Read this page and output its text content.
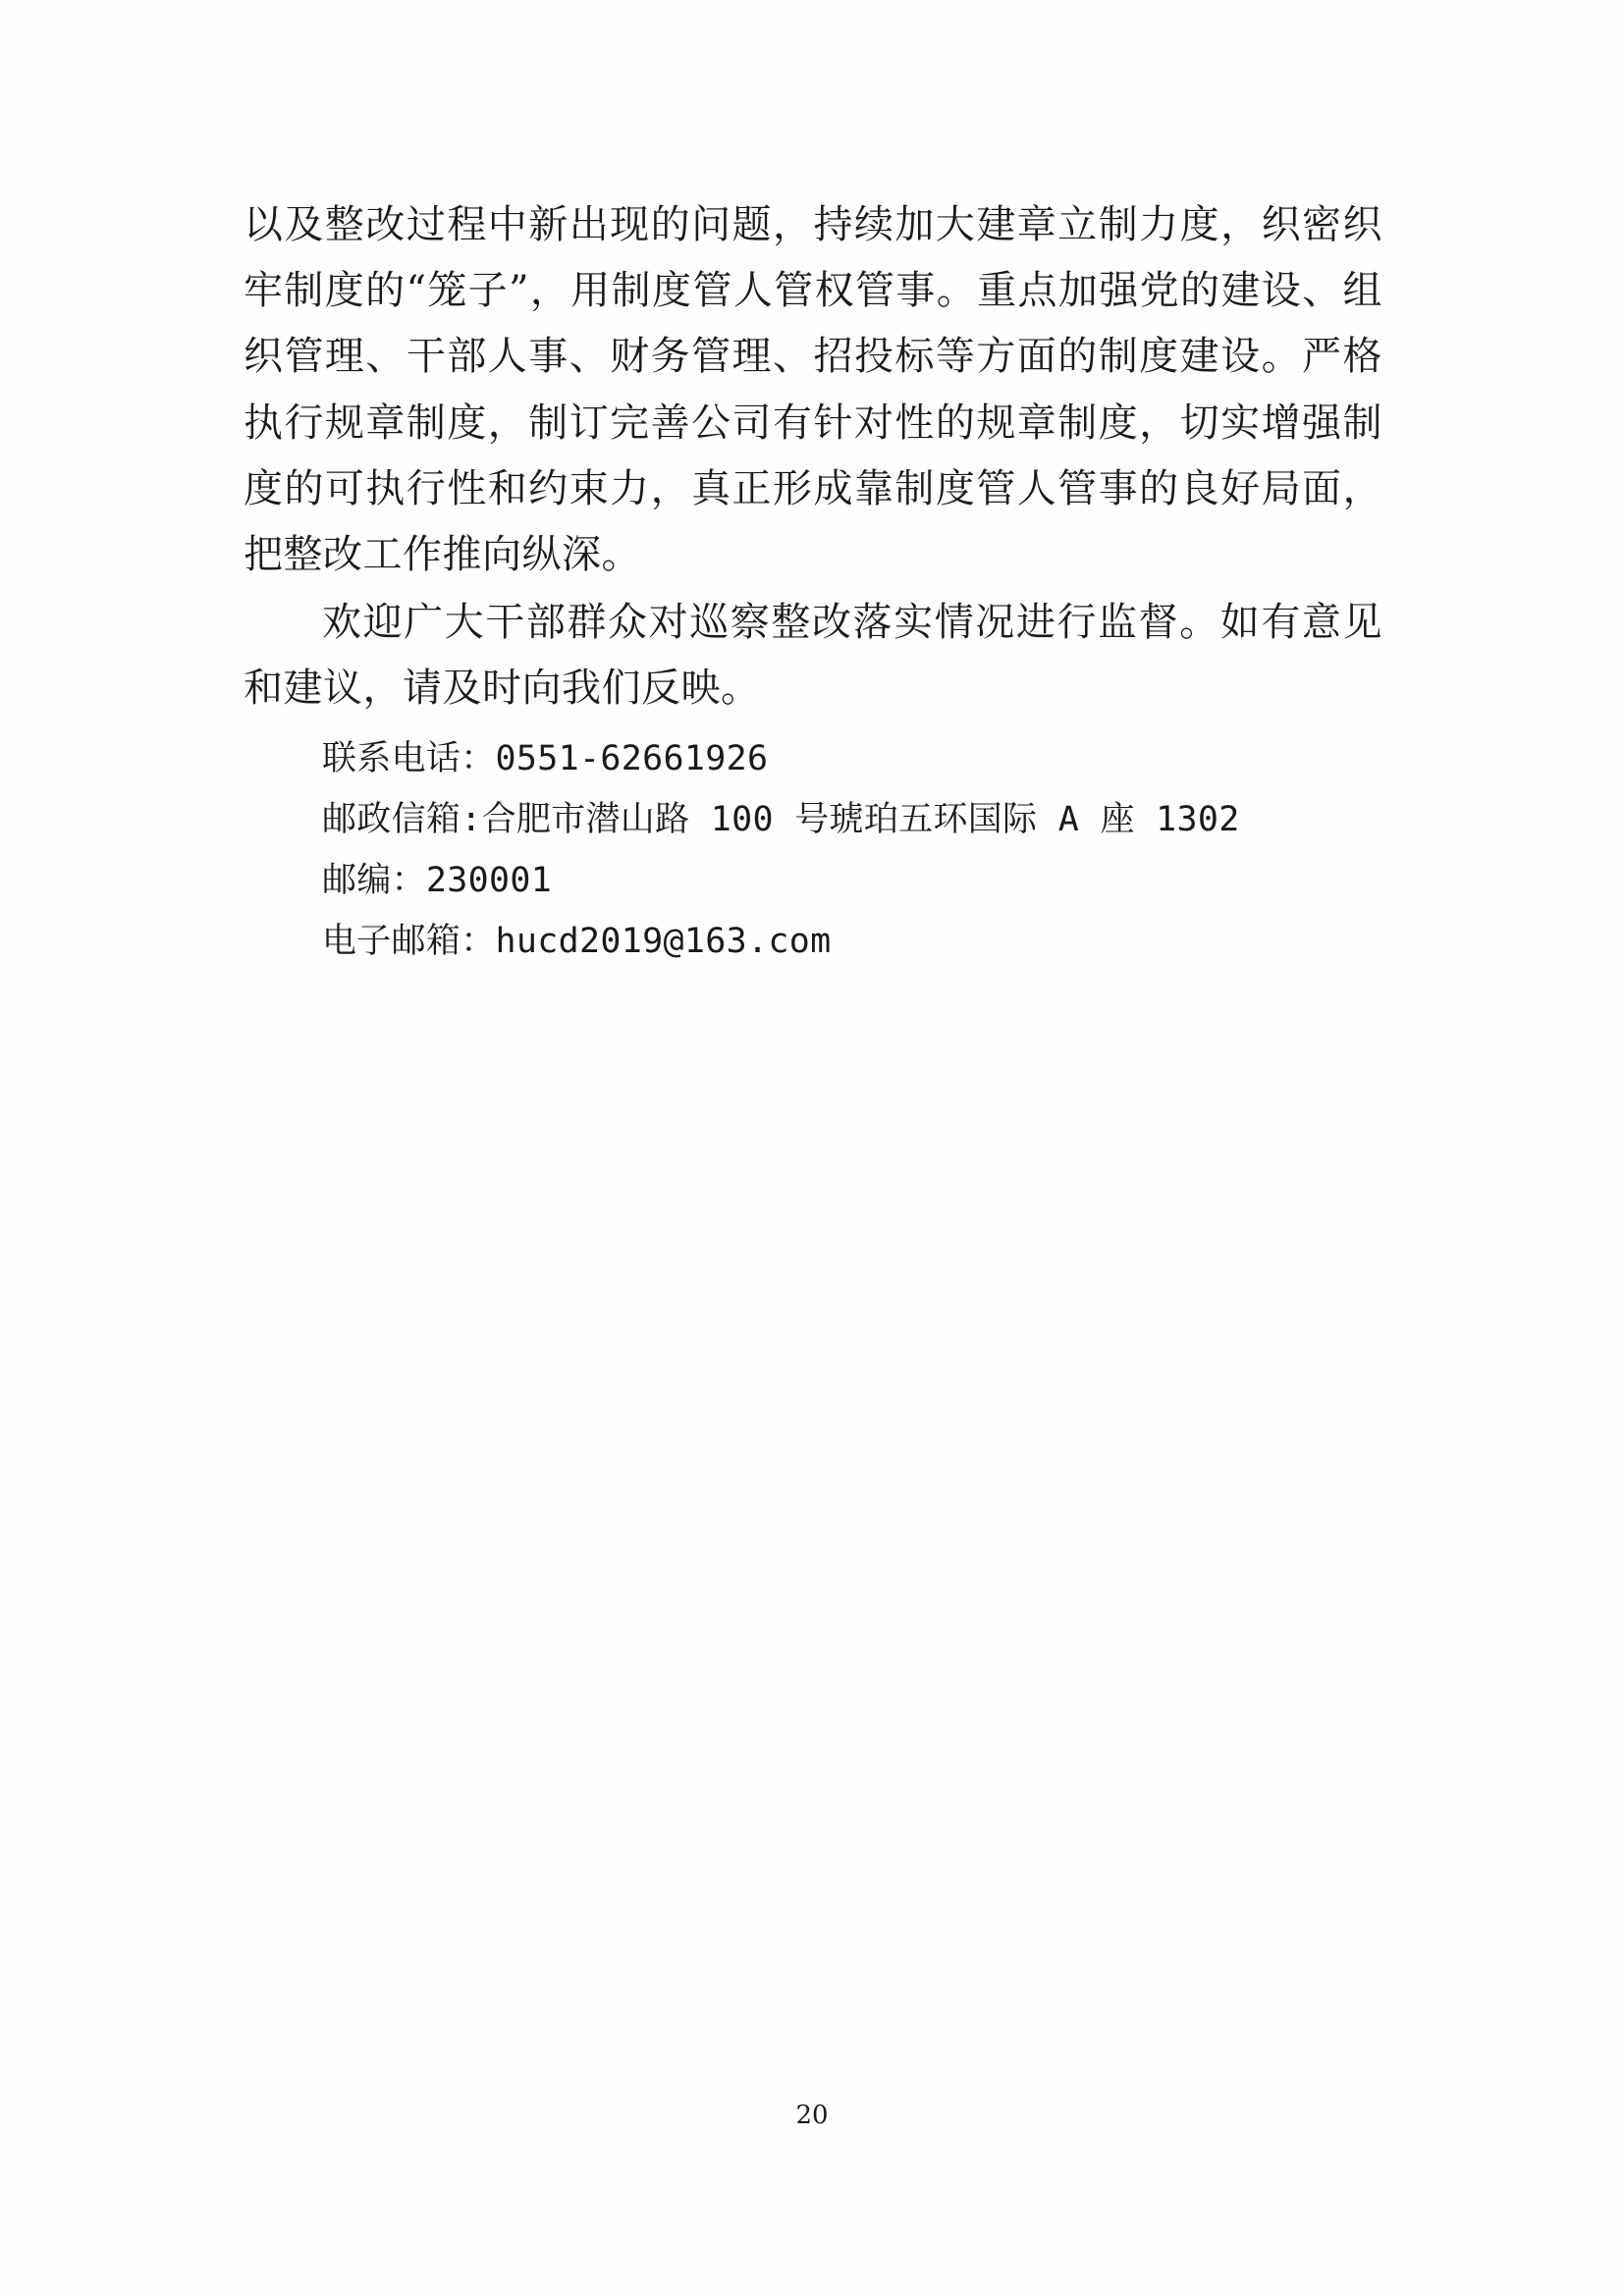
以及整改过程中新出现的问题，持续加大建章立制力度，织密织牢制度的“笼子”，用制度管人管权管事。重点加强党的建设、组织管理、干部人事、财务管理、招投标等方面的制度建设。严格执行规章制度，制订完善公司有针对性的规章制度，切实增强制度的可执行性和约束力，真正形成靠制度管人管事的良好局面，把整改工作推向纵深。

欢迎广大干部群众对巡察整改落实情况进行监督。如有意见和建议，请及时向我们反映。

联系电话：0551-62661926

邮政信箱:合肥市潜山路 100 号琥珀五环国际 A 座 1302

邮编：230001

电子邮箱：hucd2019@163.com

20
